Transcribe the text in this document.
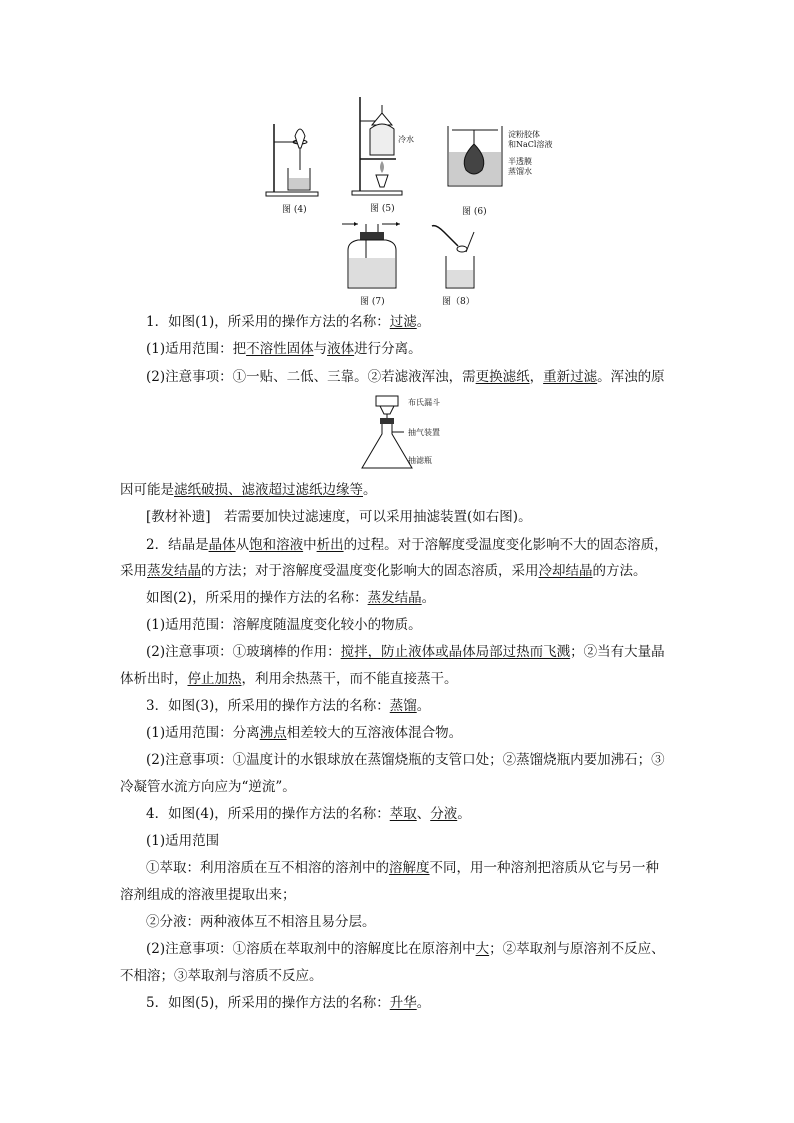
图 (4)
冷水
图 (5)
淀粉胶体
和NaCl溶液
半透膜
蒸馏水
图 (6)
图 (7)	图（8）
布氏漏斗
抽气装置
抽滤瓶
1．如图(1)，所采用的操作方法的名称：过滤。
(1)适用范围：把不溶性固体与液体进行分离。
(2)注意事项：①一贴、二低、三靠。②若滤液浑浊，需更换滤纸，重新过滤。浑浊的原
因可能是滤纸破损、滤液超过滤纸边缘等。
[教材补遗]　若需要加快过滤速度，可以采用抽滤装置(如右图)。
2．结晶是晶体从饱和溶液中析出的过程。对于溶解度受温度变化影响不大的固态溶质，
采用蒸发结晶的方法；对于溶解度受温度变化影响大的固态溶质，采用冷却结晶的方法。
如图(2)，所采用的操作方法的名称：蒸发结晶。
(1)适用范围：溶解度随温度变化较小的物质。
(2)注意事项：①玻璃棒的作用：搅拌，防止液体或晶体局部过热而飞溅；②当有大量晶
体析出时，停止加热，利用余热蒸干，而不能直接蒸干。
3．如图(3)，所采用的操作方法的名称：蒸馏。
(1)适用范围：分离沸点相差较大的互溶液体混合物。
(2)注意事项：①温度计的水银球放在蒸馏烧瓶的支管口处；②蒸馏烧瓶内要加沸石；③
冷凝管水流方向应为“逆流”。
4．如图(4)，所采用的操作方法的名称：萃取、分液。
(1)适用范围
①萃取：利用溶质在互不相溶的溶剂中的溶解度不同，用一种溶剂把溶质从它与另一种
溶剂组成的溶液里提取出来；
②分液：两种液体互不相溶且易分层。
(2)注意事项：①溶质在萃取剂中的溶解度比在原溶剂中大；②萃取剂与原溶剂不反应、
不相溶；③萃取剂与溶质不反应。
5．如图(5)，所采用的操作方法的名称：升华。
